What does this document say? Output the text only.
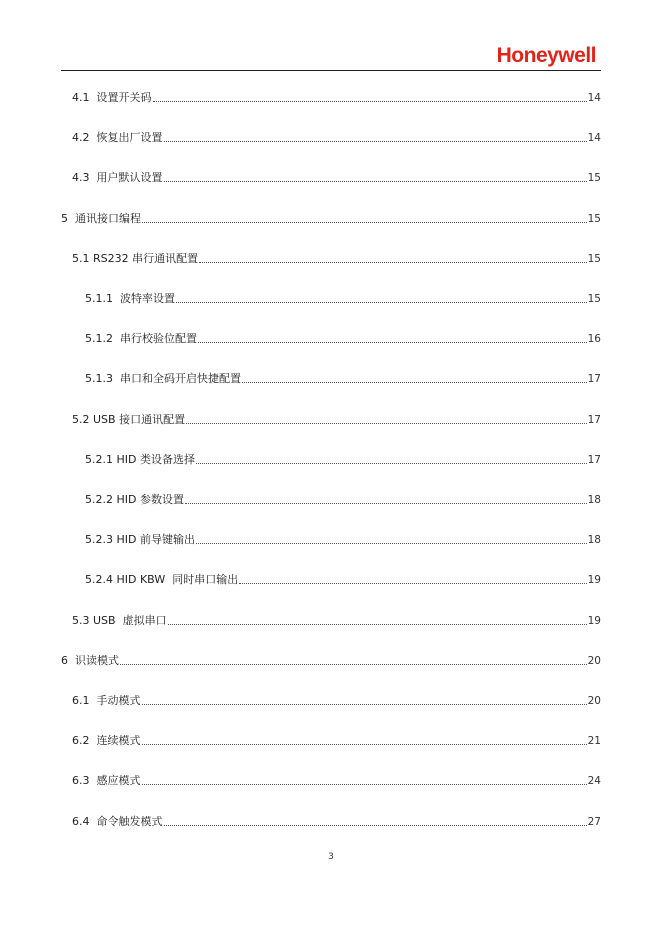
Honeywell
4.1  设置开关码	14
4.2  恢复出厂设置	14
4.3  用户默认设置	15
5  通讯接口编程	15
5.1 RS232 串行通讯配置	15
5.1.1  波特率设置	15
5.1.2  串行校验位配置	16
5.1.3  串口和全码开启快捷配置	17
5.2 USB 接口通讯配置	17
5.2.1 HID 类设备选择	17
5.2.2 HID 参数设置	18
5.2.3 HID 前导键输出	18
5.2.4 HID KBW  同时串口输出	19
5.3 USB  虚拟串口	19
6  识读模式	20
6.1  手动模式	20
6.2  连续模式	21
6.3  感应模式	24
6.4  命令触发模式	27
3
